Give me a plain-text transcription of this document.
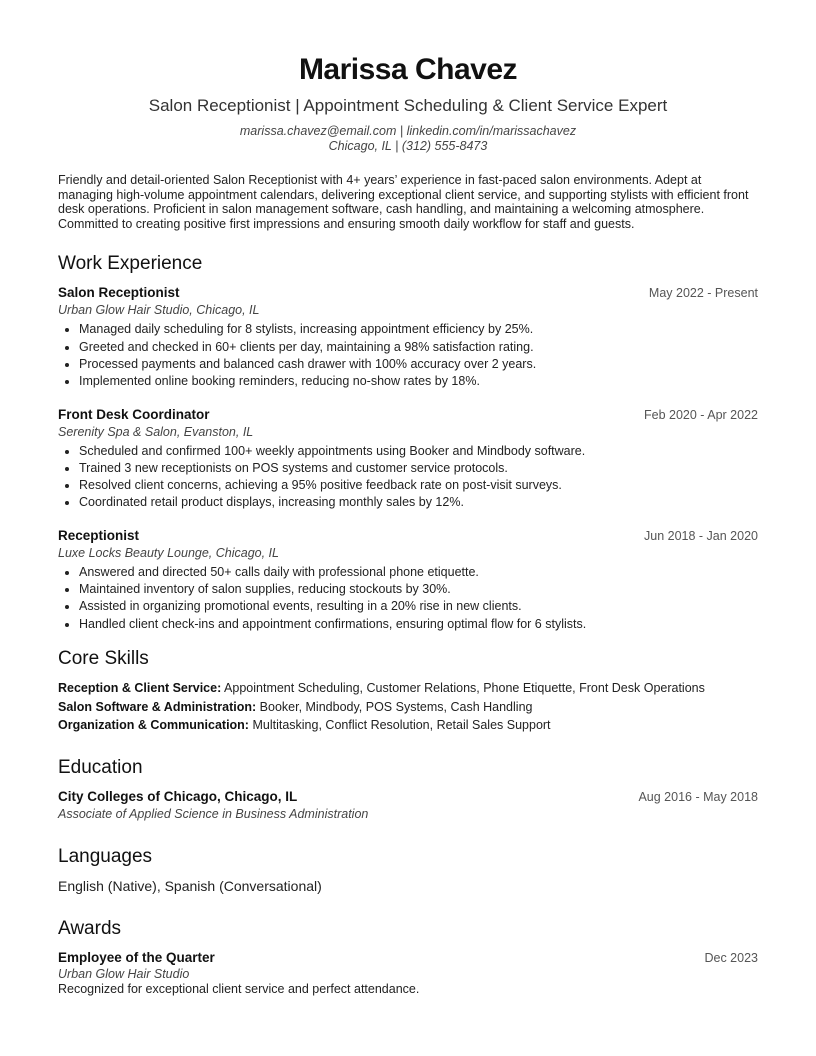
Marissa Chavez
Salon Receptionist | Appointment Scheduling & Client Service Expert
marissa.chavez@email.com | linkedin.com/in/marissachavez
Chicago, IL | (312) 555-8473
Friendly and detail-oriented Salon Receptionist with 4+ years’ experience in fast-paced salon environments. Adept at managing high-volume appointment calendars, delivering exceptional client service, and supporting stylists with efficient front desk operations. Proficient in salon management software, cash handling, and maintaining a welcoming atmosphere. Committed to creating positive first impressions and ensuring smooth daily workflow for staff and guests.
Work Experience
Salon Receptionist	May 2022 - Present
Urban Glow Hair Studio, Chicago, IL
• Managed daily scheduling for 8 stylists, increasing appointment efficiency by 25%.
• Greeted and checked in 60+ clients per day, maintaining a 98% satisfaction rating.
• Processed payments and balanced cash drawer with 100% accuracy over 2 years.
• Implemented online booking reminders, reducing no-show rates by 18%.
Front Desk Coordinator	Feb 2020 - Apr 2022
Serenity Spa & Salon, Evanston, IL
• Scheduled and confirmed 100+ weekly appointments using Booker and Mindbody software.
• Trained 3 new receptionists on POS systems and customer service protocols.
• Resolved client concerns, achieving a 95% positive feedback rate on post-visit surveys.
• Coordinated retail product displays, increasing monthly sales by 12%.
Receptionist	Jun 2018 - Jan 2020
Luxe Locks Beauty Lounge, Chicago, IL
• Answered and directed 50+ calls daily with professional phone etiquette.
• Maintained inventory of salon supplies, reducing stockouts by 30%.
• Assisted in organizing promotional events, resulting in a 20% rise in new clients.
• Handled client check-ins and appointment confirmations, ensuring optimal flow for 6 stylists.
Core Skills
Reception & Client Service: Appointment Scheduling, Customer Relations, Phone Etiquette, Front Desk Operations
Salon Software & Administration: Booker, Mindbody, POS Systems, Cash Handling
Organization & Communication: Multitasking, Conflict Resolution, Retail Sales Support
Education
City Colleges of Chicago, Chicago, IL	Aug 2016 - May 2018
Associate of Applied Science in Business Administration
Languages
English (Native), Spanish (Conversational)
Awards
Employee of the Quarter	Dec 2023
Urban Glow Hair Studio
Recognized for exceptional client service and perfect attendance.
